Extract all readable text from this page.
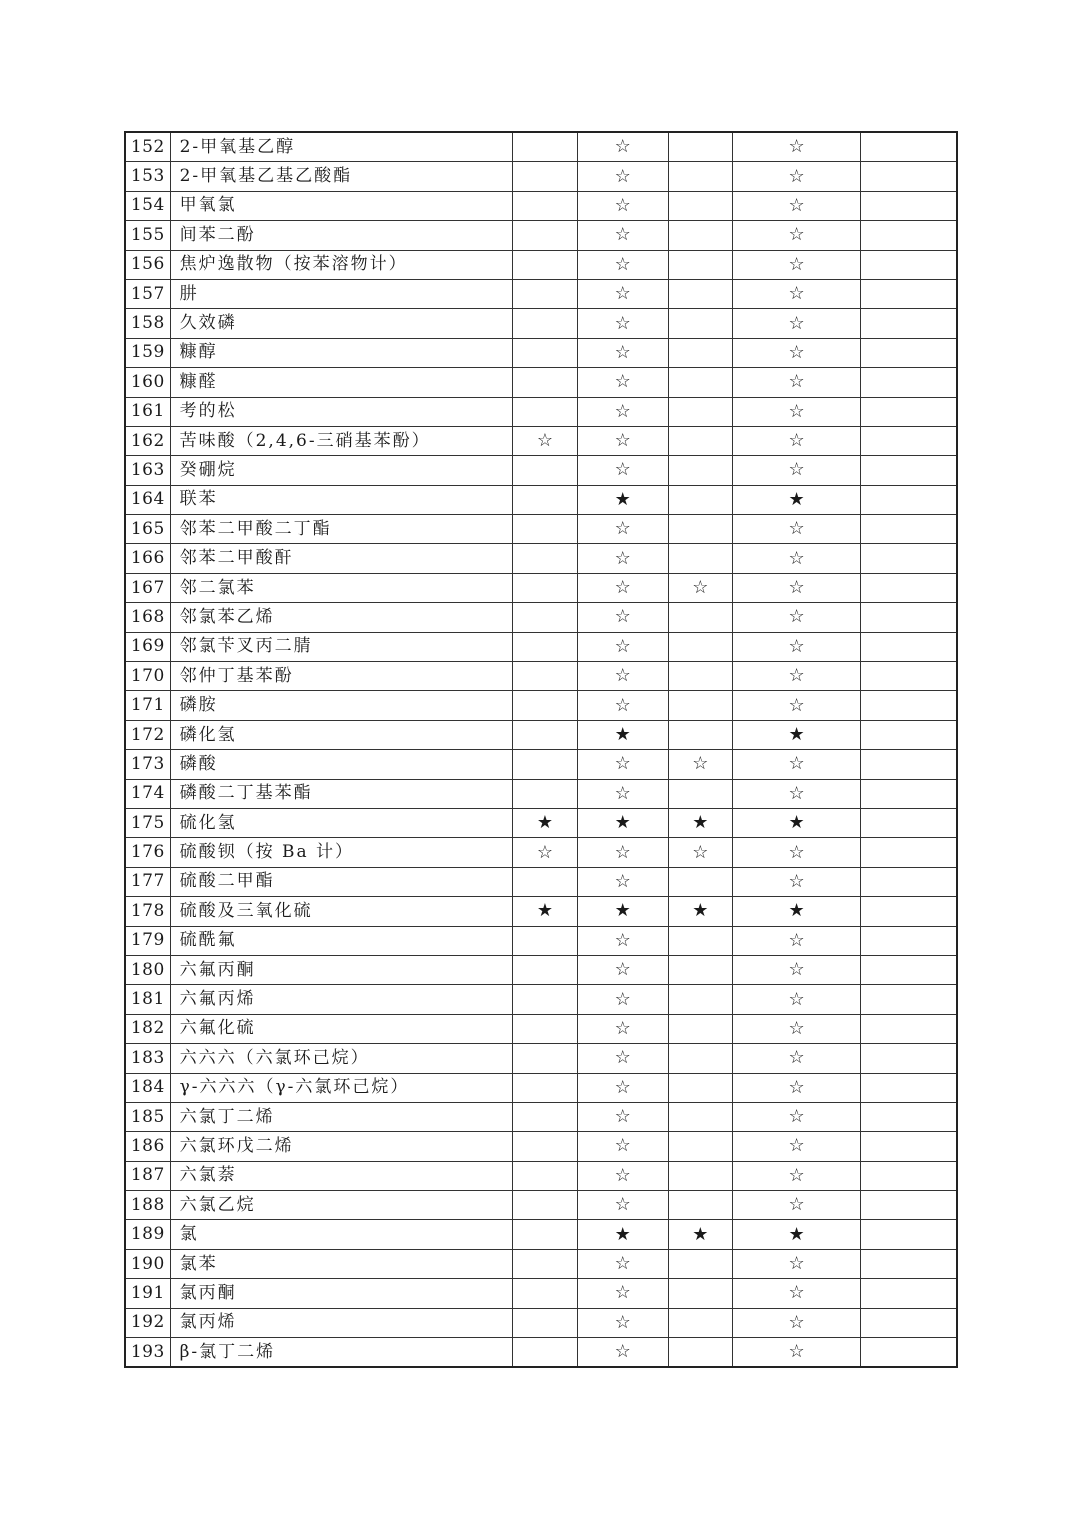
152	2-甲氧基乙醇		☆		☆	
153	2-甲氧基乙基乙酸酯		☆		☆	
154	甲氧氯		☆		☆	
155	间苯二酚		☆		☆	
156	焦炉逸散物（按苯溶物计）		☆		☆	
157	肼		☆		☆	
158	久效磷		☆		☆	
159	糠醇		☆		☆	
160	糠醛		☆		☆	
161	考的松		☆		☆	
162	苦味酸（2,4,6-三硝基苯酚）	☆	☆		☆	
163	癸硼烷		☆		☆	
164	联苯		★		★	
165	邻苯二甲酸二丁酯		☆		☆	
166	邻苯二甲酸酐		☆		☆	
167	邻二氯苯		☆	☆	☆	
168	邻氯苯乙烯		☆		☆	
169	邻氯苄叉丙二腈		☆		☆	
170	邻仲丁基苯酚		☆		☆	
171	磷胺		☆		☆	
172	磷化氢		★		★	
173	磷酸		☆	☆	☆	
174	磷酸二丁基苯酯		☆		☆	
175	硫化氢	★	★	★	★	
176	硫酸钡（按 Ba 计）	☆	☆	☆	☆	
177	硫酸二甲酯		☆		☆	
178	硫酸及三氧化硫	★	★	★	★	
179	硫酰氟		☆		☆	
180	六氟丙酮		☆		☆	
181	六氟丙烯		☆		☆	
182	六氟化硫		☆		☆	
183	六六六（六氯环己烷）		☆		☆	
184	γ-六六六（γ-六氯环己烷）		☆		☆	
185	六氯丁二烯		☆		☆	
186	六氯环戊二烯		☆		☆	
187	六氯萘		☆		☆	
188	六氯乙烷		☆		☆	
189	氯		★	★	★	
190	氯苯		☆		☆	
191	氯丙酮		☆		☆	
192	氯丙烯		☆		☆	
193	β-氯丁二烯		☆		☆	
